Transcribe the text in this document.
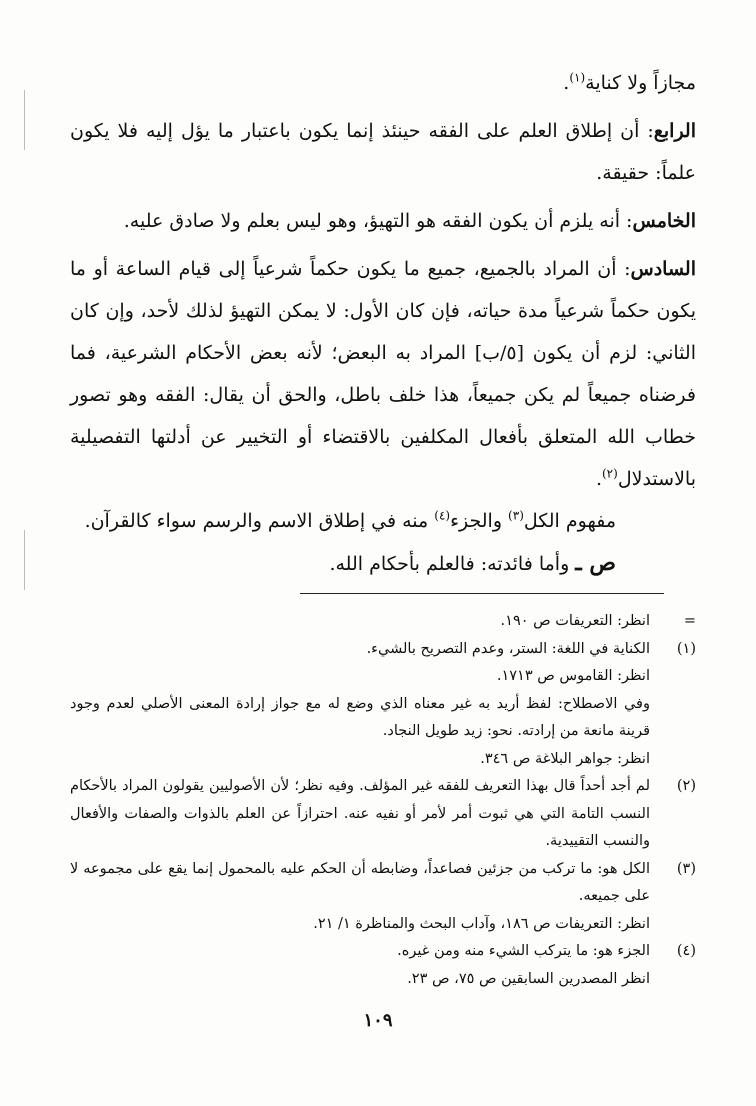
مجازاً ولا كناية$^{(١)}$.

الرابع: أن إطلاق العلم على الفقه حينئذ إنما يكون باعتبار ما يؤل إليه فلا يكون علماً: حقيقة.

الخامس: أنه يلزم أن يكون الفقه هو التهيؤ، وهو ليس بعلم ولا صادق عليه.

السادس: أن المراد بالجميع، جميع ما يكون حكماً شرعياً إلى قيام الساعة أو ما يكون حكماً شرعياً مدة حياته، فإن كان الأول: لا يمكن التهيؤ لذلك لأحد، وإن كان الثاني: لزم أن يكون [٥/ب] المراد به البعض؛ لأنه بعض الأحكام الشرعية، فما فرضناه جميعاً لم يكن جميعاً، هذا خلف باطل، والحق أن يقال: الفقه وهو تصور خطاب الله المتعلق بأفعال المكلفين بالاقتضاء أو التخيير عن أدلتها التفصيلية بالاستدلال$^{(٢)}$.

مفهوم الكل$^{(٣)}$ والجزء$^{(٤)}$ منه في إطلاق الاسم والرسم سواء كالقرآن.

ص ـ وأما فائدته: فالعلم بأحكام الله.

=
انظر: التعريفات ص ١٩٠.
(١)
الكناية في اللغة: الستر، وعدم التصريح بالشيء.
انظر: القاموس ص ١٧١٣.
وفي الاصطلاح: لفظ أريد به غير معناه الذي وضع له مع جواز إرادة المعنى الأصلي لعدم وجود قرينة مانعة من إرادته. نحو: زيد طويل النجاد.
انظر: جواهر البلاغة ص ٣٤٦.
(٢)
لم أجد أحداً قال بهذا التعريف للفقه غير المؤلف. وفيه نظر؛ لأن الأصوليين يقولون المراد بالأحكام النسب التامة التي هي ثبوت أمر لأمر أو نفيه عنه. احترازاً عن العلم بالذوات والصفات والأفعال والنسب التقييدية.
(٣)
الكل هو: ما تركب من جزئين فصاعداً، وضابطه أن الحكم عليه بالمحمول إنما يقع على مجموعه لا على جميعه.
انظر: التعريفات ص ١٨٦، وآداب البحث والمناظرة ١/ ٢١.
(٤)
الجزء هو: ما يتركب الشيء منه ومن غيره.
انظر المصدرين السابقين ص ٧٥، ص ٢٣.
١٠٩
